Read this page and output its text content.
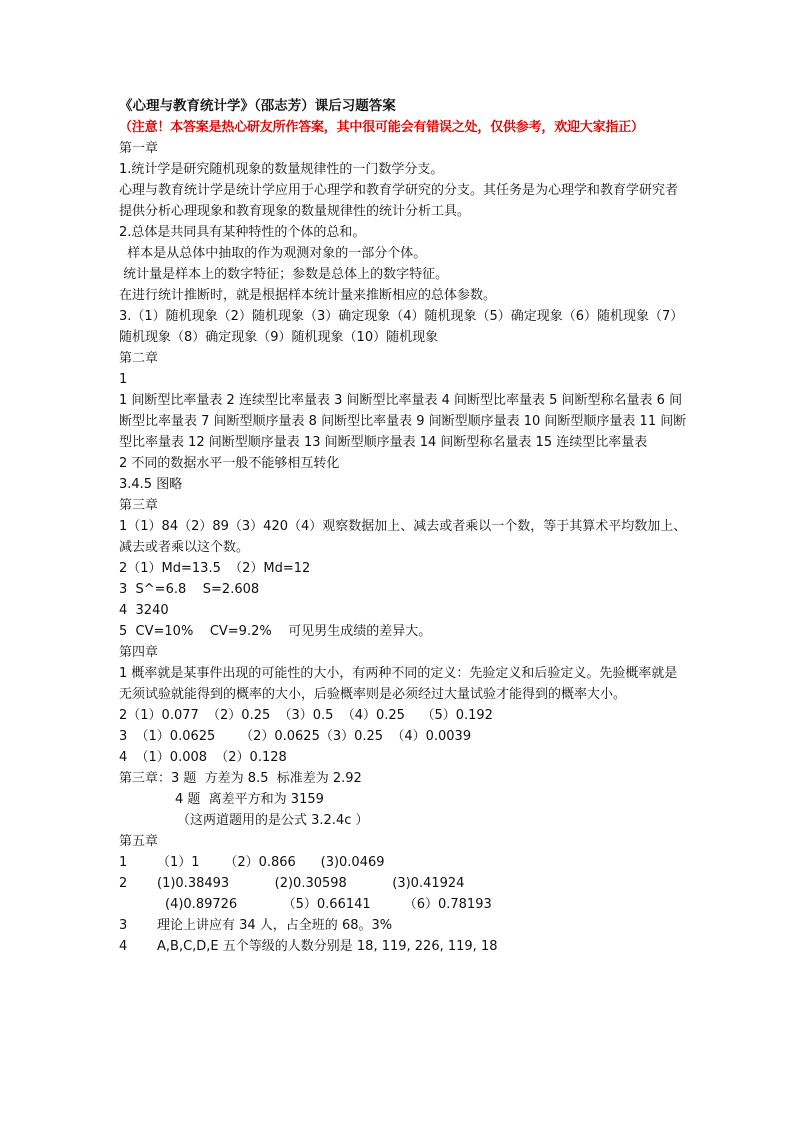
《心理与教育统计学》（邵志芳）课后习题答案
（注意！本答案是热心研友所作答案，其中很可能会有错误之处，仅供参考，欢迎大家指正）
第一章
1.统计学是研究随机现象的数量规律性的一门数学分支。
心理与教育统计学是统计学应用于心理学和教育学研究的分支。其任务是为心理学和教育学研究者提供分析心理现象和教育现象的数量规律性的统计分析工具。
2.总体是共同具有某种特性的个体的总和。
样本是从总体中抽取的作为观测对象的一部分个体。
统计量是样本上的数字特征；参数是总体上的数字特征。
在进行统计推断时，就是根据样本统计量来推断相应的总体参数。
3.（1）随机现象（2）随机现象（3）确定现象（4）随机现象（5）确定现象（6）随机现象（7）随机现象（8）确定现象（9）随机现象（10）随机现象
第二章
1
1 间断型比率量表 2 连续型比率量表 3 间断型比率量表 4 间断型比率量表 5 间断型称名量表 6 间断型比率量表 7 间断型顺序量表 8 间断型比率量表 9 间断型顺序量表 10 间断型顺序量表 11 间断型比率量表 12 间断型顺序量表 13 间断型顺序量表 14 间断型称名量表 15 连续型比率量表
2 不同的数据水平一般不能够相互转化
3.4.5 图略
第三章
1（1）84（2）89（3）420（4）观察数据加上、减去或者乘以一个数，等于其算术平均数加上、减去或者乘以这个数。
2（1）Md=13.5  （2）Md=12
3  S^=6.8    S=2.608
4  3240
5  CV=10%    CV=9.2%    可见男生成绩的差异大。
第四章
1 概率就是某事件出现的可能性的大小，有两种不同的定义：先验定义和后验定义。先验概率就是无须试验就能得到的概率的大小，后验概率则是必须经过大量试验才能得到的概率大小。
2（1）0.077  （2）0.25  （3）0.5  （4）0.25    （5）0.192
3  （1）0.0625      （2）0.0625（3）0.25  （4）0.0039
4  （1）0.008  （2）0.128
第三章：3 题  方差为 8.5  标准差为 2.92
4 题  离差平方和为 3159
（这两道题用的是公式 3.2.4c ）
第五章
1 （1）1      （2）0.866      (3)0.0469
2 (1)0.38493           (2)0.30598           (3)0.41924
(4)0.89726           （5）0.66141        （6）0.78193
3 理论上讲应有 34 人，占全班的 68。3%
4 A,B,C,D,E 五个等级的人数分别是 18, 119, 226, 119, 18
